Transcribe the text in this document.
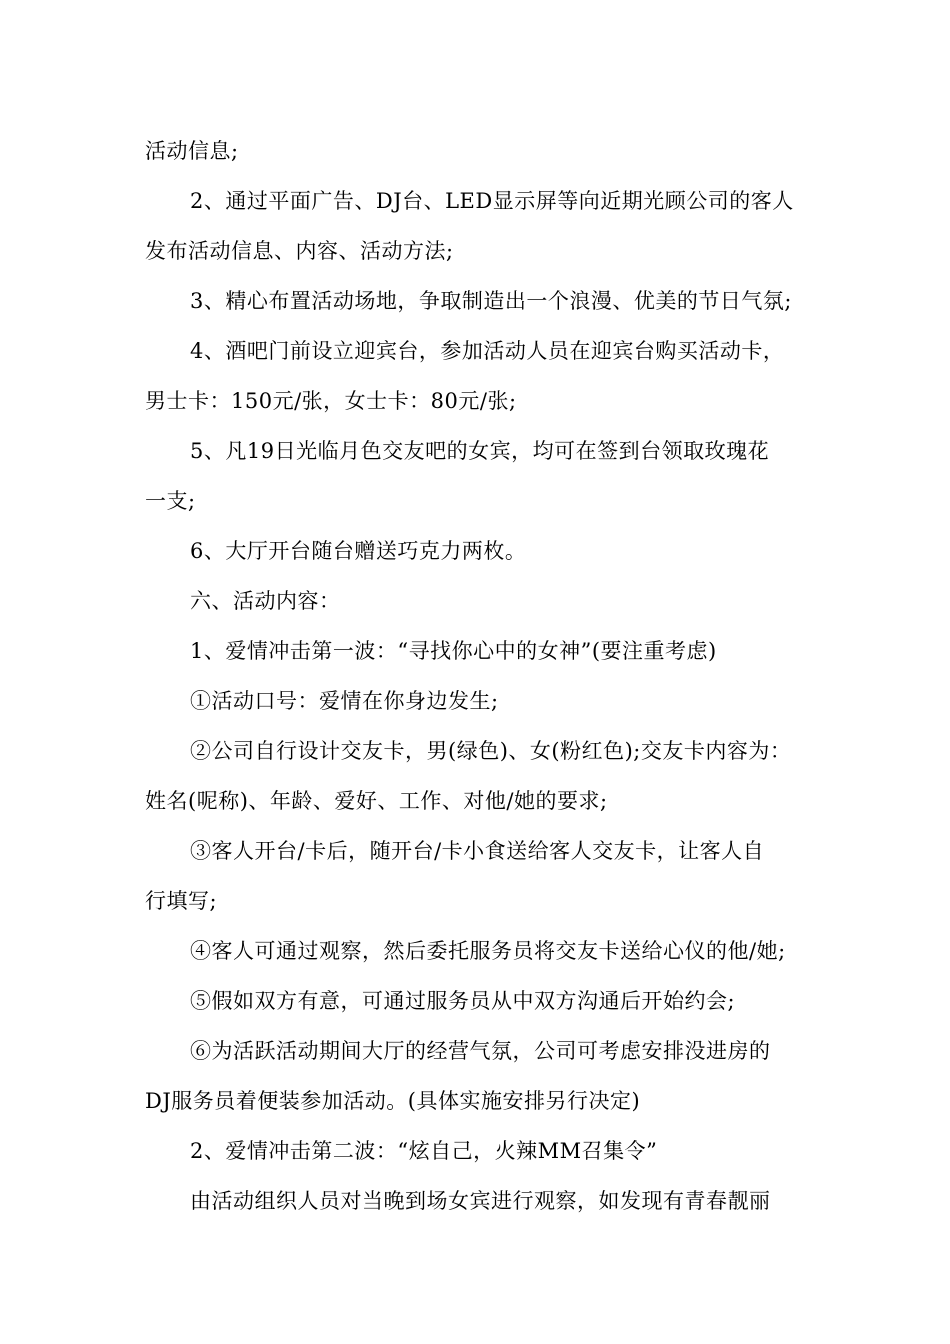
活动信息;
2、通过平面广告、DJ台、LED显示屏等向近期光顾公司的客人
发布活动信息、内容、活动方法;
3、精心布置活动场地，争取制造出一个浪漫、优美的节日气氛;
4、酒吧门前设立迎宾台，参加活动人员在迎宾台购买活动卡，
男士卡：150元/张，女士卡：80元/张;
5、凡19日光临月色交友吧的女宾，均可在签到台领取玫瑰花
一支;
6、大厅开台随台赠送巧克力两枚。
六、活动内容：
1、爱情冲击第一波：“寻找你心中的女神”(要注重考虑)
①活动口号：爱情在你身边发生;
②公司自行设计交友卡，男(绿色)、女(粉红色);交友卡内容为：
姓名(呢称)、年龄、爱好、工作、对他/她的要求;
③客人开台/卡后，随开台/卡小食送给客人交友卡，让客人自
行填写;
④客人可通过观察，然后委托服务员将交友卡送给心仪的他/她;
⑤假如双方有意，可通过服务员从中双方沟通后开始约会;
⑥为活跃活动期间大厅的经营气氛，公司可考虑安排没进房的
DJ服务员着便装参加活动。(具体实施安排另行决定)
2、爱情冲击第二波：“炫自己，火辣MM召集令”
由活动组织人员对当晚到场女宾进行观察，如发现有青春靓丽
